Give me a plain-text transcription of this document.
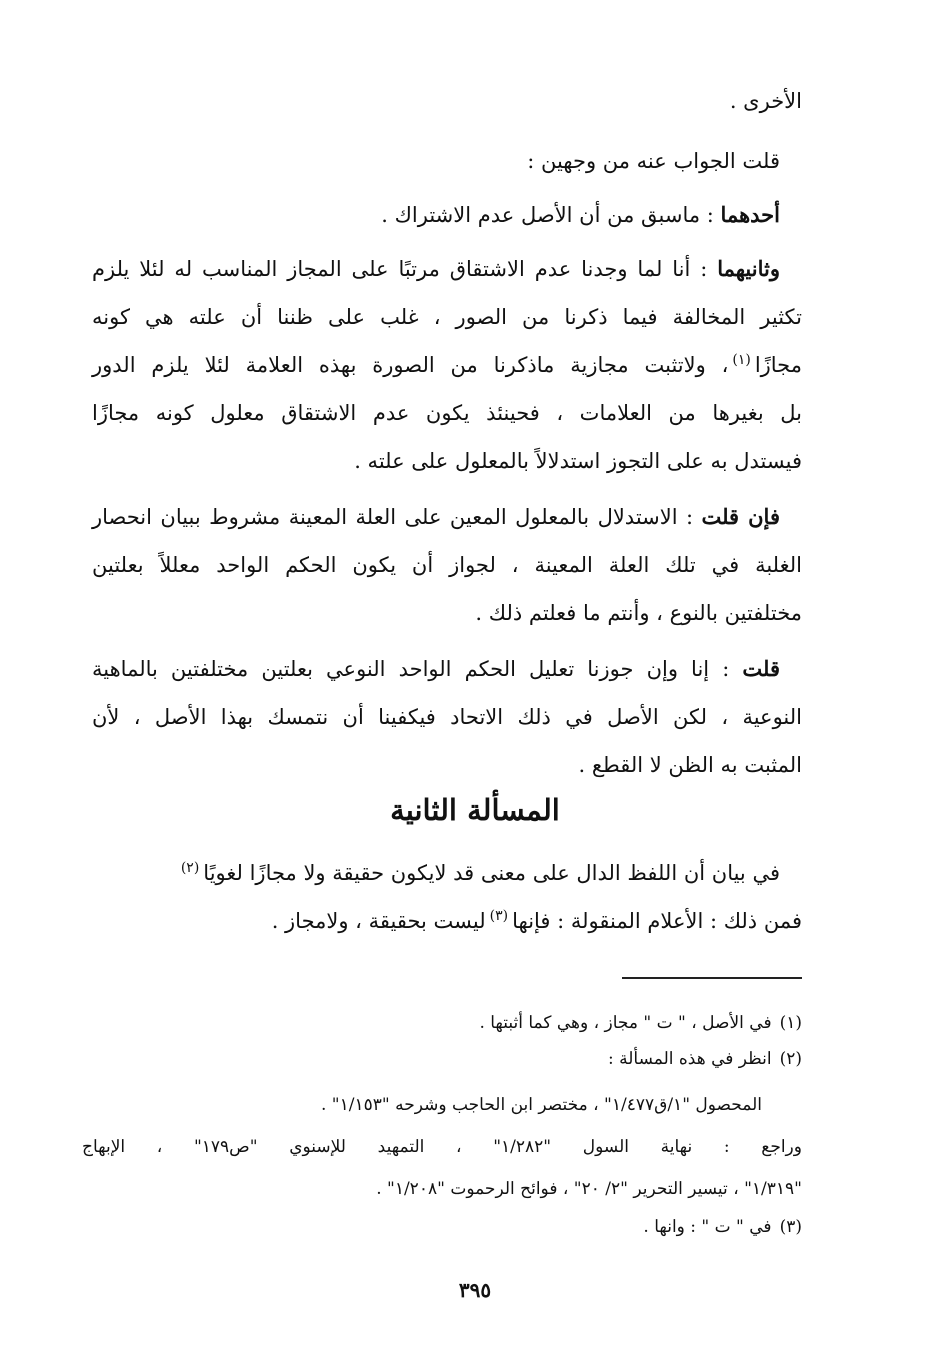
الأخرى .
قلت الجواب عنه من وجهين :
أحدهما : ماسبق من أن الأصل عدم الاشتراك .
وثانيهما : أنا لما وجدنا عدم الاشتقاق مرتبًا على المجاز المناسب له لئلا يلزم
تكثير المخالفة فيما ذكرنا من الصور ، غلب على ظننا أن علته هي كونه
مجازًا$^{(١)}$، ولاتثبت مجازية ماذكرنا من الصورة بهذه العلامة لئلا يلزم الدور
بل بغيرها من العلامات ، فحينئذ يكون عدم الاشتقاق معلول كونه مجازًا
فيستدل به على التجوز استدلالاً بالمعلول على علته .
فإن قلت : الاستدلال بالمعلول المعين على العلة المعينة مشروط ببيان انحصار
الغلبة في تلك العلة المعينة ، لجواز أن يكون الحكم الواحد معللاً بعلتين
مختلفتين بالنوع ، وأنتم ما فعلتم ذلك .
قلت : إنا وإن جوزنا تعليل الحكم الواحد النوعي بعلتين مختلفتين بالماهية
النوعية ، لكن الأصل في ذلك الاتحاد فيكفينا أن نتمسك بهذا الأصل ، لأن
المثبت به الظن لا القطع .
المسألة الثانية
في بيان أن اللفظ الدال على معنى قد لايكون حقيقة ولا مجازًا لغويًا$^{(٢)}$
فمن ذلك : الأعلام المنقولة : فإنها$^{(٣)}$ليست بحقيقة ، ولامجاز .
(١)في الأصل ، " ت " مجاز ، وهي كما أثبتها .
(٢)انظر في هذه المسألة :
المحصول "١/ق١/٤٧٧" ، مختصر ابن الحاجب وشرحه "١/١٥٣" .
وراجع : نهاية السول "١/٢٨٢" ، التمهيد للإسنوي "ص١٧٩" ، الإبهاج
"١/٣١٩" ، تيسير التحرير "٢/ ٢٠" ، فوائح الرحموت "١/٢٠٨" .
(٣)في " ت " : وانها .
٣٩٥
